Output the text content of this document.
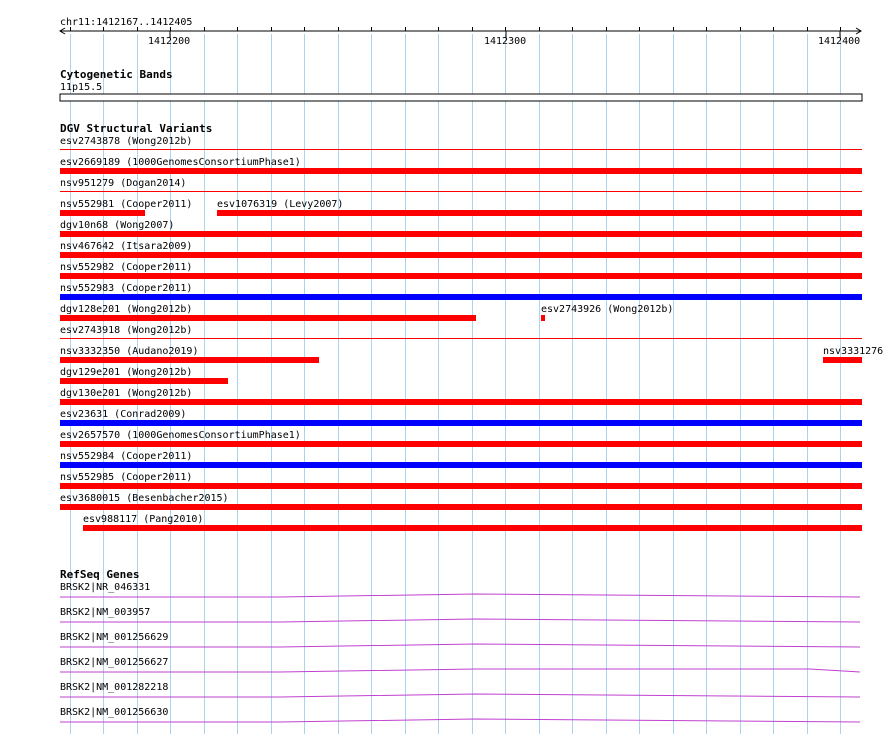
chr11:1412167..1412405
1412200	1412300	1412400
Cytogenetic Bands
11p15.5
DGV Structural Variants
esv2743878 (Wong2012b)
esv2669189 (1000GenomesConsortiumPhase1)
nsv951279 (Dogan2014)
nsv552981 (Cooper2011) esv1076319 (Levy2007)
dgv10n68 (Wong2007)
nsv467642 (Itsara2009)
nsv552982 (Cooper2011)
nsv552983 (Cooper2011)
dgv128e201 (Wong2012b)	esv2743926 (Wong2012b)
esv2743918 (Wong2012b)
nsv3332350 (Audano2019)	nsv3331276
dgv129e201 (Wong2012b)
dgv130e201 (Wong2012b)
esv23631 (Conrad2009)
esv2657570 (1000GenomesConsortiumPhase1)
nsv552984 (Cooper2011)
nsv552985 (Cooper2011)
esv3680015 (Besenbacher2015)
esv988117 (Pang2010)
RefSeq Genes
BRSK2|NR_046331
BRSK2|NM_003957
BRSK2|NM_001256629
BRSK2|NM_001256627
BRSK2|NM_001282218
BRSK2|NM_001256630
